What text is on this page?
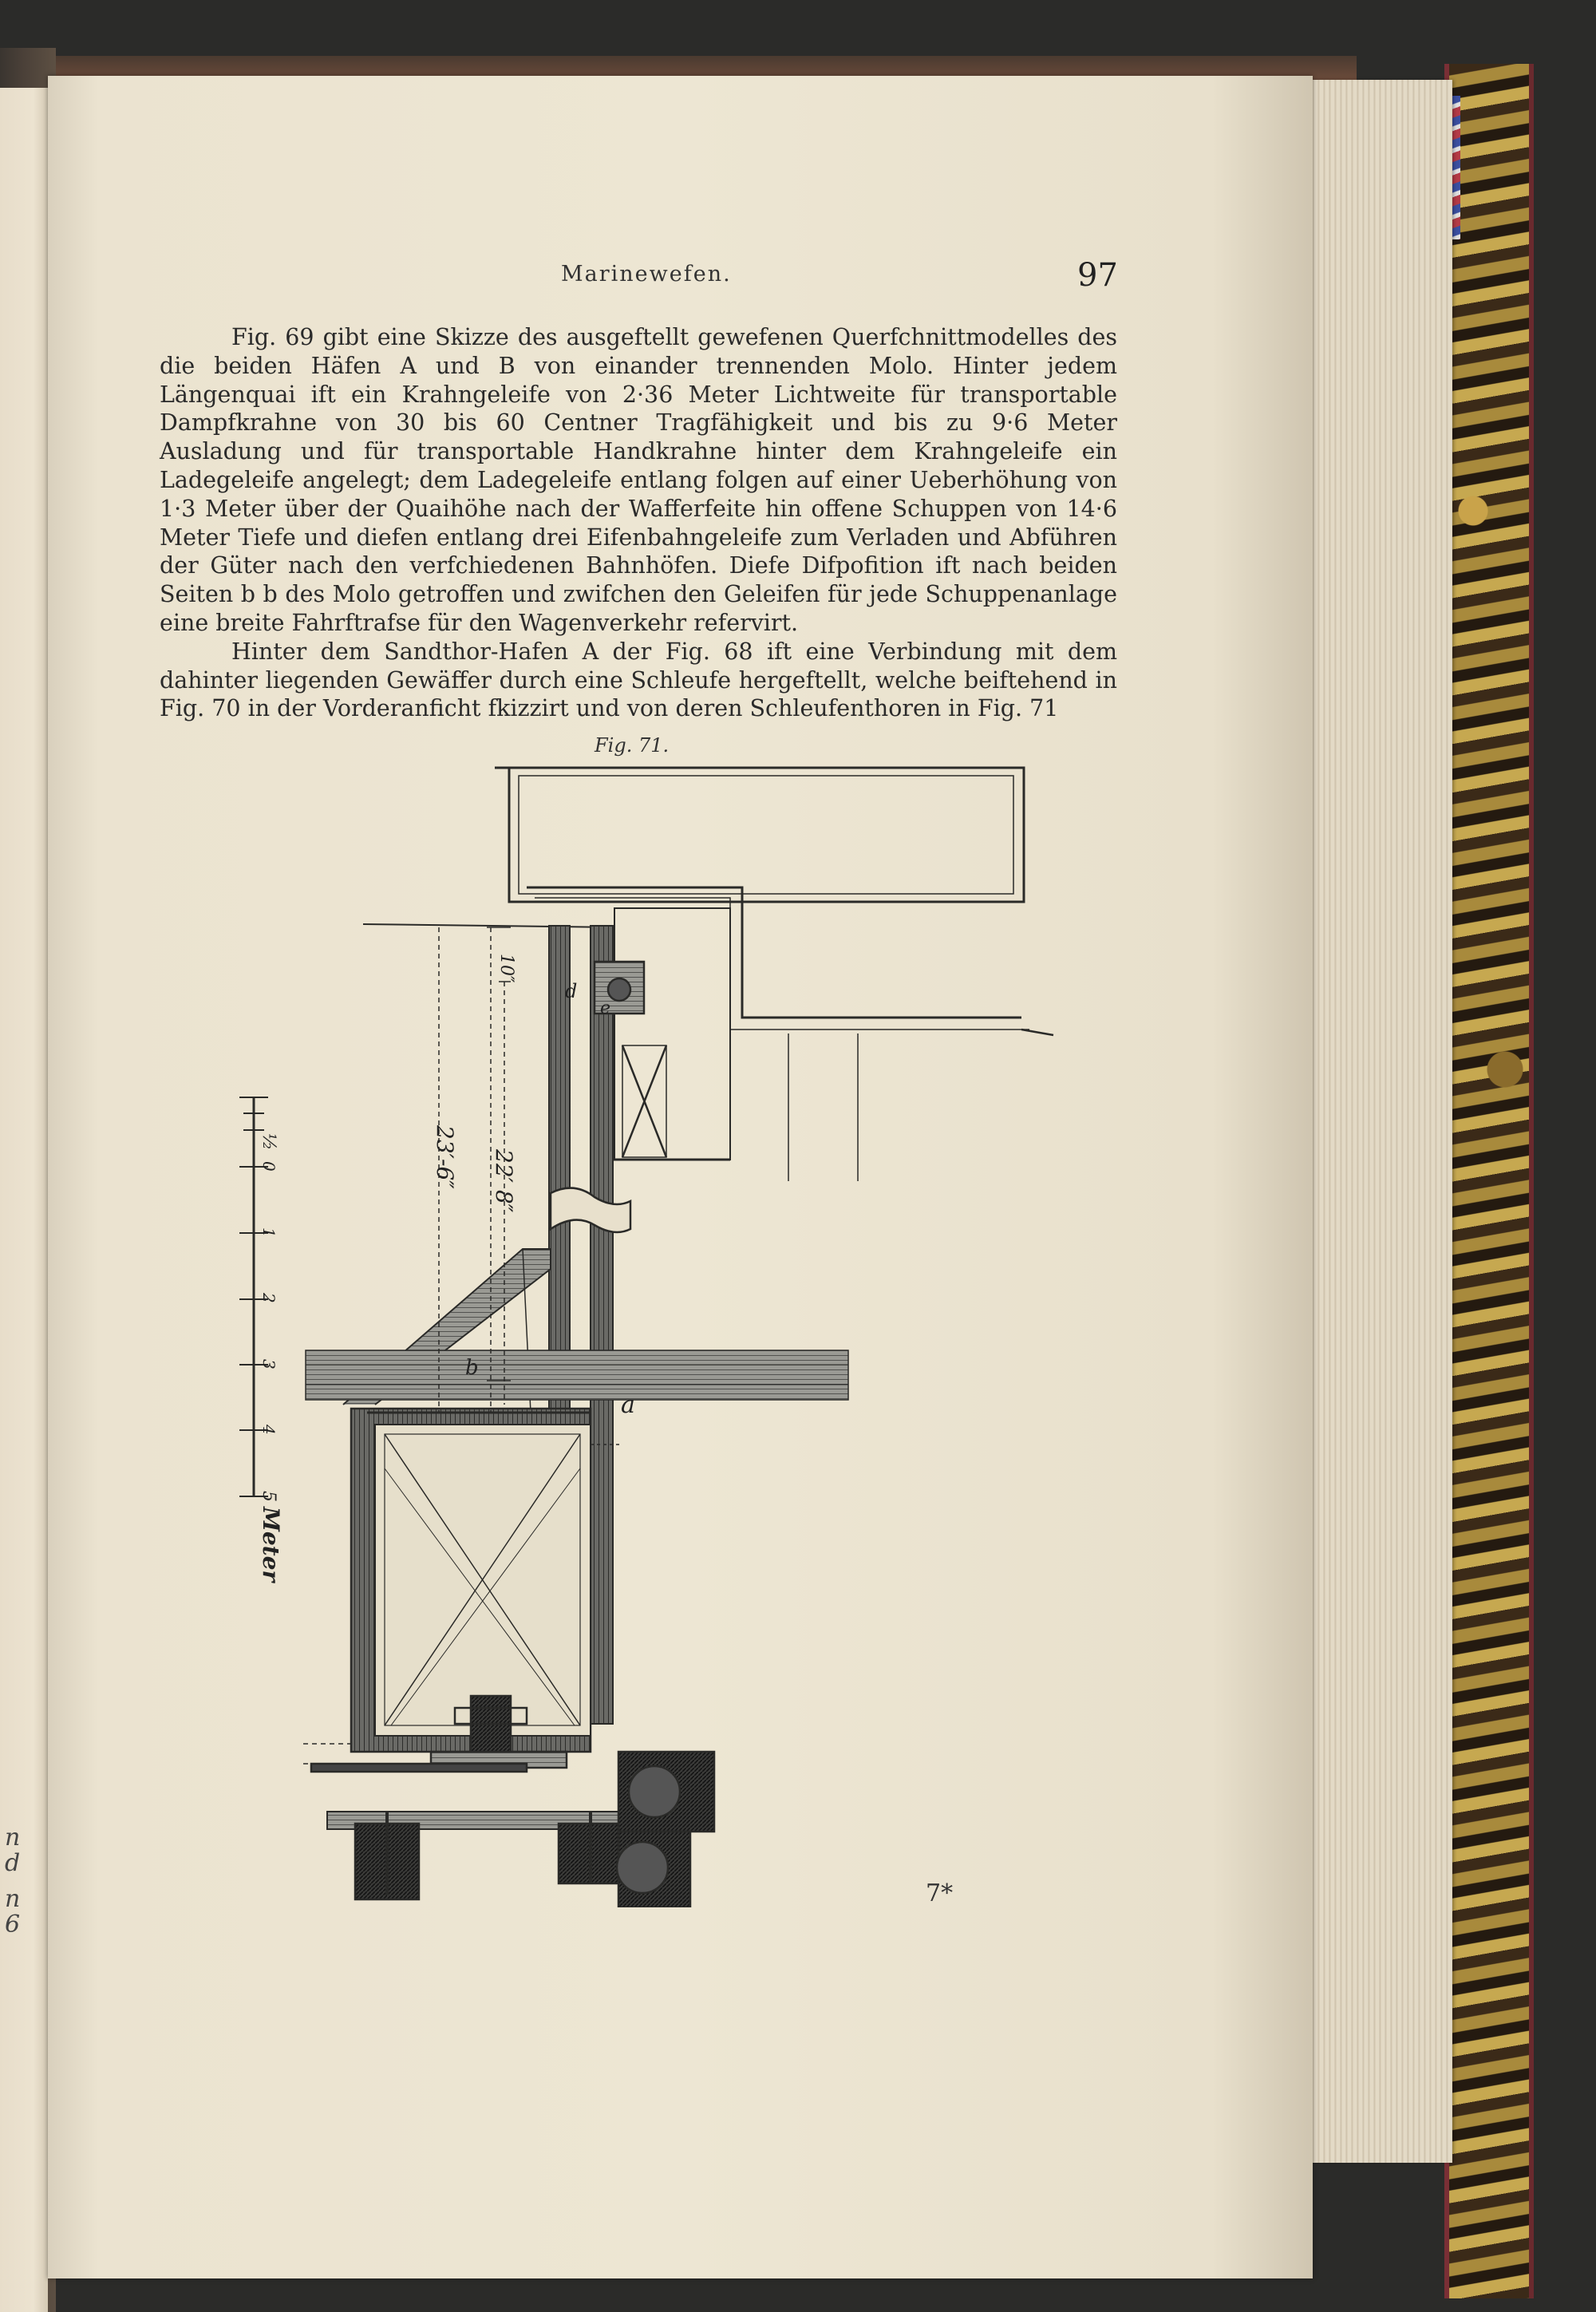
n
d
n
6
Marinewefen.	97

Fig. 69 gibt eine Skizze des ausgeftellt gewefenen Querfchnittmodelles des die beiden Häfen A und B von einander trennenden Molo. Hinter jedem Längenquai ift ein Krahngeleife von 2·36 Meter Lichtweite für transportable Dampfkrahne von 30 bis 60 Centner Tragfähigkeit und bis zu 9·6 Meter Ausladung und für transportable Handkrahne hinter dem Krahngeleife ein Ladegeleife angelegt; dem Ladegeleife entlang folgen auf einer Ueberhöhung von 1·3 Meter über der Quaihöhe nach der Wafferfeite hin offene Schuppen von 14·6 Meter Tiefe und diefen entlang drei Eifenbahngeleife zum Verladen und Abführen der Güter nach den verfchiedenen Bahnhöfen. Diefe Difpofition ift nach beiden Seiten b b des Molo getroffen und zwifchen den Geleifen für jede Schuppenanlage eine breite Fahrftrafse für den Wagenverkehr refervirt.

Hinter dem Sandthor-Hafen A der Fig. 68 ift eine Verbindung mit dem dahinter liegenden Gewäffer durch eine Schleufe hergeftellt, welche beiftehend in Fig. 70 in der Vorderanficht fkizzirt und von deren Schleufenthoren in Fig. 71

Fig. 71.
10″
d
e
22′ 8″
23′-6″
b
a
½
0
1
2
3
4
5
Meter
7*
